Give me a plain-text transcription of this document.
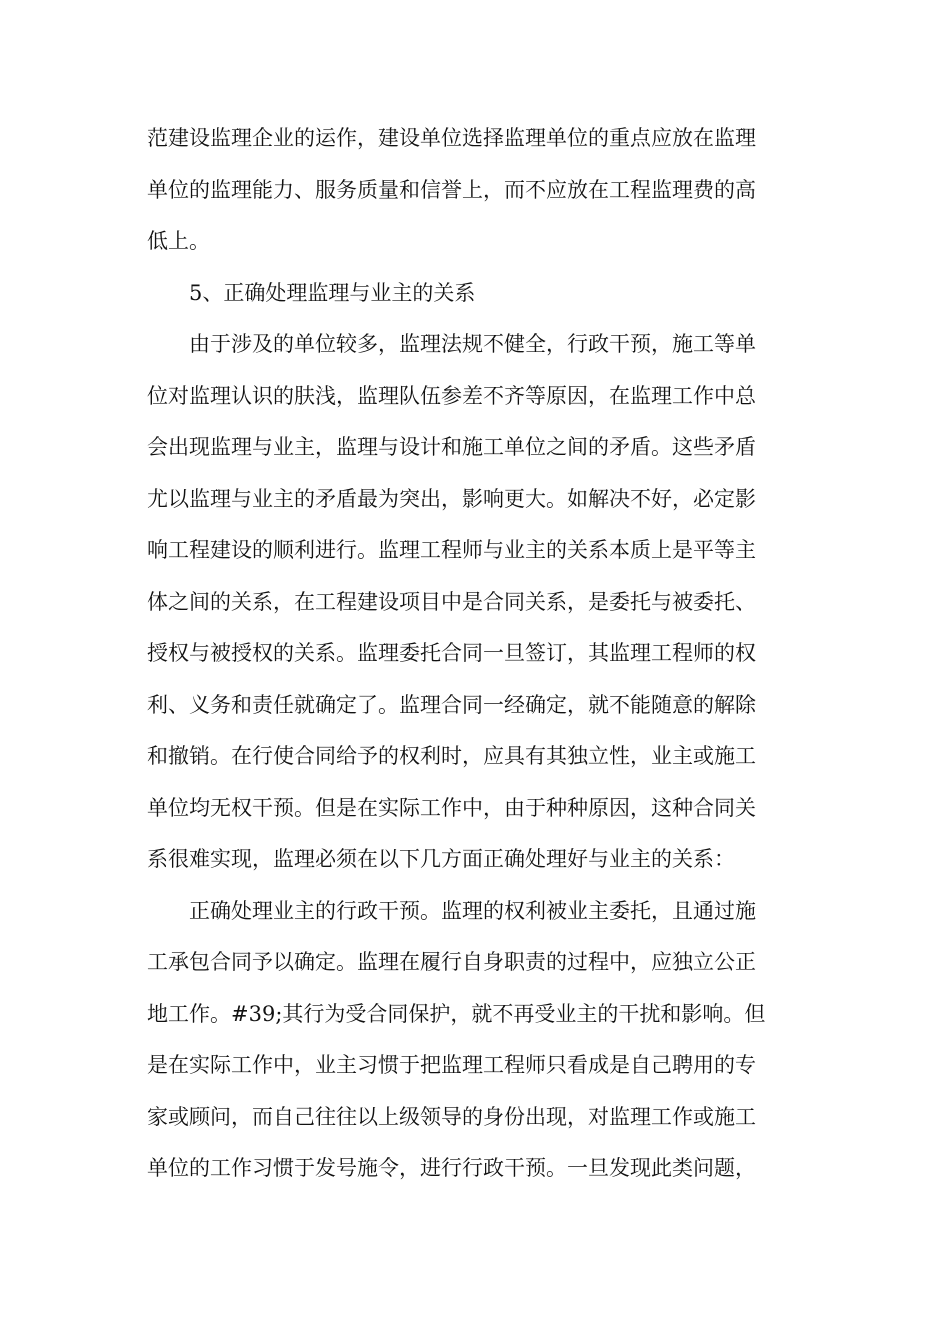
范建设监理企业的运作，建设单位选择监理单位的重点应放在监理
单位的监理能力、服务质量和信誉上，而不应放在工程监理费的高
低上。
5、正确处理监理与业主的关系
由于涉及的单位较多，监理法规不健全，行政干预，施工等单
位对监理认识的肤浅，监理队伍参差不齐等原因，在监理工作中总
会出现监理与业主，监理与设计和施工单位之间的矛盾。这些矛盾
尤以监理与业主的矛盾最为突出，影响更大。如解决不好，必定影
响工程建设的顺利进行。监理工程师与业主的关系本质上是平等主
体之间的关系，在工程建设项目中是合同关系，是委托与被委托、
授权与被授权的关系。监理委托合同一旦签订，其监理工程师的权
利、义务和责任就确定了。监理合同一经确定，就不能随意的解除
和撤销。在行使合同给予的权利时，应具有其独立性，业主或施工
单位均无权干预。但是在实际工作中，由于种种原因，这种合同关
系很难实现，监理必须在以下几方面正确处理好与业主的关系：
正确处理业主的行政干预。监理的权利被业主委托，且通过施
工承包合同予以确定。监理在履行自身职责的过程中，应独立公正
地工作。#39;其行为受合同保护，就不再受业主的干扰和影响。但
是在实际工作中，业主习惯于把监理工程师只看成是自己聘用的专
家或顾问，而自己往往以上级领导的身份出现，对监理工作或施工
单位的工作习惯于发号施令，进行行政干预。一旦发现此类问题，
